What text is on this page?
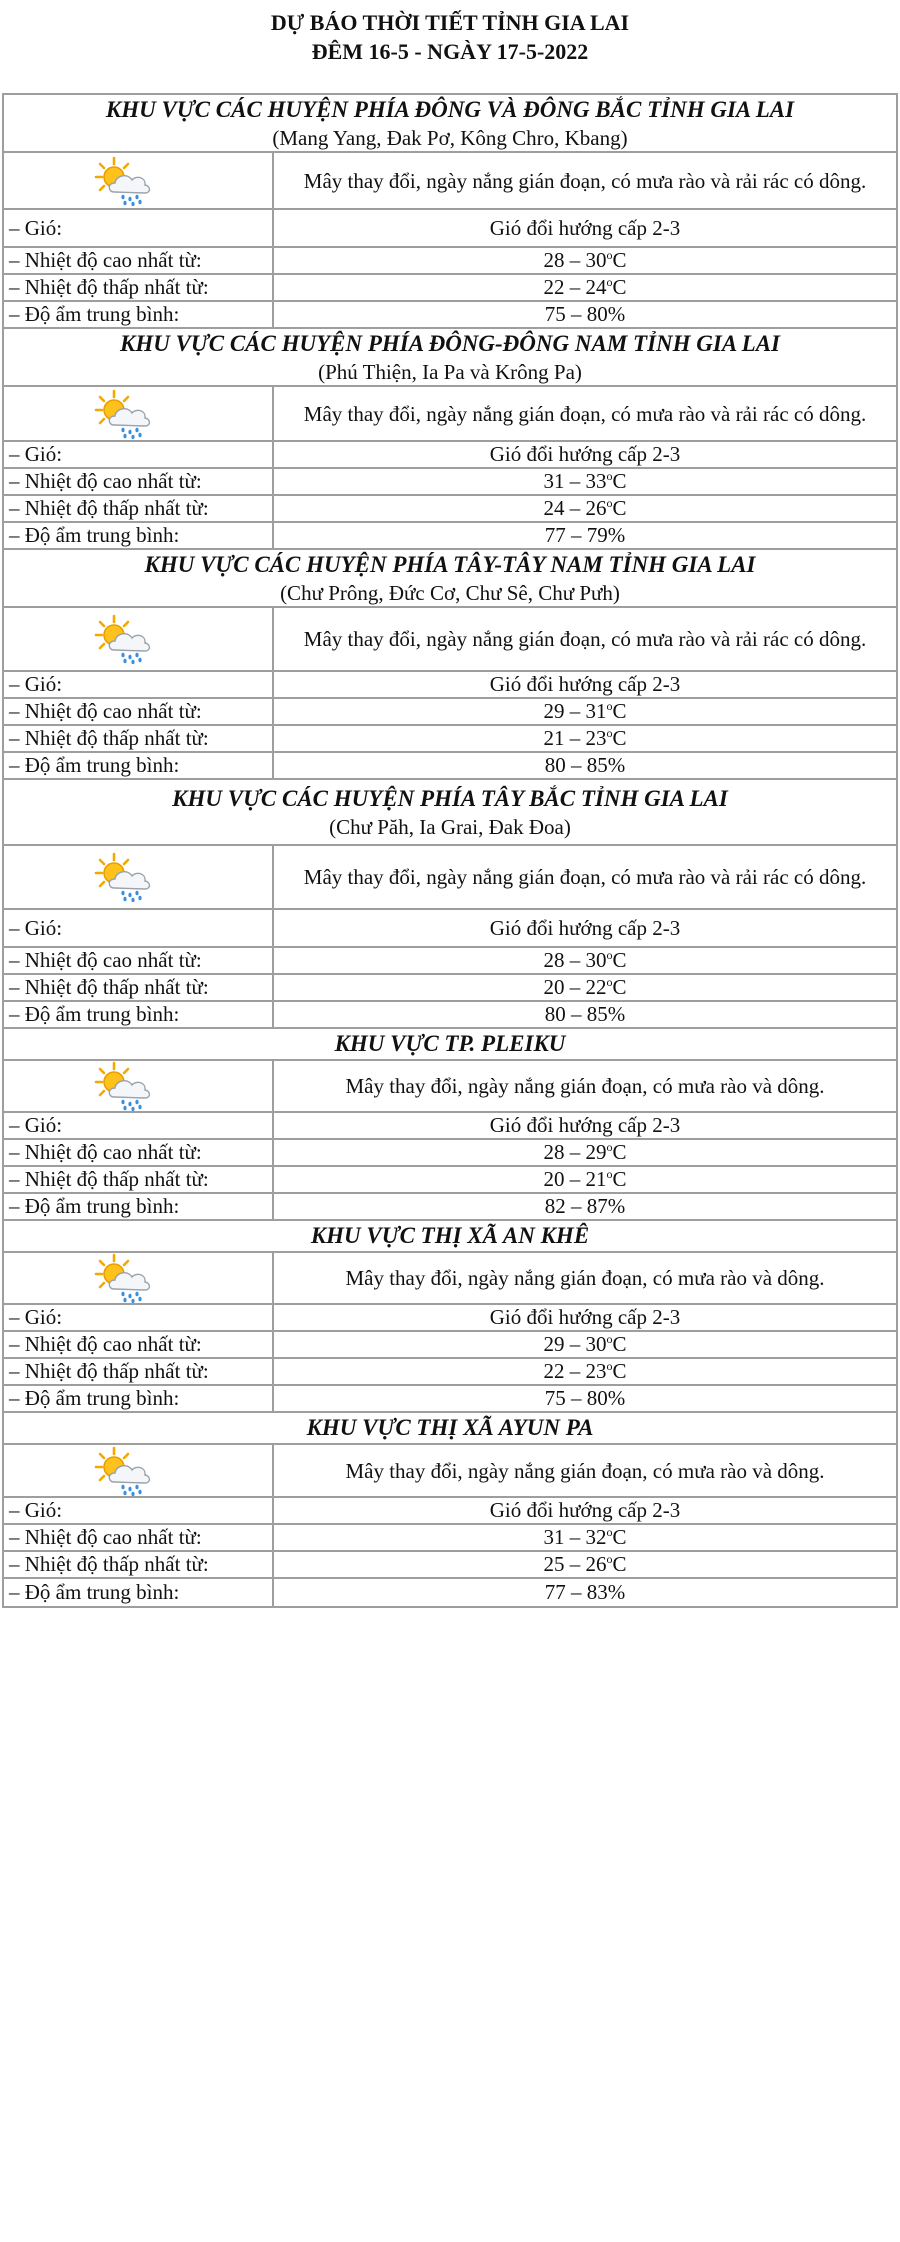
DỰ BÁO THỜI TIẾT TỈNH GIA LAI
ĐÊM 16-5 - NGÀY 17-5-2022
KHU VỰC CÁC HUYỆN PHÍA ĐÔNG VÀ ĐÔNG BẮC TỈNH GIA LAI
(Mang Yang, Đak Pơ, Kông Chro, Kbang)	

	Mây thay đổi, ngày nắng gián đoạn, có mưa rào và rải rác có dông.
– Gió:	Gió đổi hướng cấp 2-3
– Nhiệt độ cao nhất từ:	28 – 30$^o$C
– Nhiệt độ thấp nhất từ:	22 – 24$^o$C
– Độ ẩm trung bình:	75 – 80%

KHU VỰC CÁC HUYỆN PHÍA ĐÔNG-ĐÔNG NAM TỈNH GIA LAI
(Phú Thiện, Ia Pa và Krông Pa)	

	Mây thay đổi, ngày nắng gián đoạn, có mưa rào và rải rác có dông.
– Gió:	Gió đổi hướng cấp 2-3
– Nhiệt độ cao nhất từ:	31 – 33$^o$C
– Nhiệt độ thấp nhất từ:	24 – 26$^o$C
– Độ ẩm trung bình:	77 – 79%

KHU VỰC CÁC HUYỆN PHÍA TÂY-TÂY NAM TỈNH GIA LAI
(Chư Prông, Đức Cơ, Chư Sê, Chư Pưh)	

	Mây thay đổi, ngày nắng gián đoạn, có mưa rào và rải rác có dông.
– Gió:	Gió đổi hướng cấp 2-3
– Nhiệt độ cao nhất từ:	29 – 31$^o$C
– Nhiệt độ thấp nhất từ:	21 – 23$^o$C
– Độ ẩm trung bình:	80 – 85%

KHU VỰC CÁC HUYỆN PHÍA TÂY BẮC TỈNH GIA LAI
(Chư Păh, Ia Grai, Đak Đoa)	

	Mây thay đổi, ngày nắng gián đoạn, có mưa rào và rải rác có dông.
– Gió:	Gió đổi hướng cấp 2-3
– Nhiệt độ cao nhất từ:	28 – 30$^o$C
– Nhiệt độ thấp nhất từ:	20 – 22$^o$C
– Độ ẩm trung bình:	80 – 85%

KHU VỰC TP. PLEIKU	

	Mây thay đổi, ngày nắng gián đoạn, có mưa rào và dông.
– Gió:	Gió đổi hướng cấp 2-3
– Nhiệt độ cao nhất từ:	28 – 29$^o$C
– Nhiệt độ thấp nhất từ:	20 – 21$^o$C
– Độ ẩm trung bình:	82 – 87%

KHU VỰC THỊ XÃ AN KHÊ	

	Mây thay đổi, ngày nắng gián đoạn, có mưa rào và dông.
– Gió:	Gió đổi hướng cấp 2-3
– Nhiệt độ cao nhất từ:	29 – 30$^o$C
– Nhiệt độ thấp nhất từ:	22 – 23$^o$C
– Độ ẩm trung bình:	75 – 80%

KHU VỰC THỊ XÃ AYUN PA	

	Mây thay đổi, ngày nắng gián đoạn, có mưa rào và dông.
– Gió:	Gió đổi hướng cấp 2-3
– Nhiệt độ cao nhất từ:	31 – 32$^o$C
– Nhiệt độ thấp nhất từ:	25 – 26$^o$C
– Độ ẩm trung bình:	77 – 83%
